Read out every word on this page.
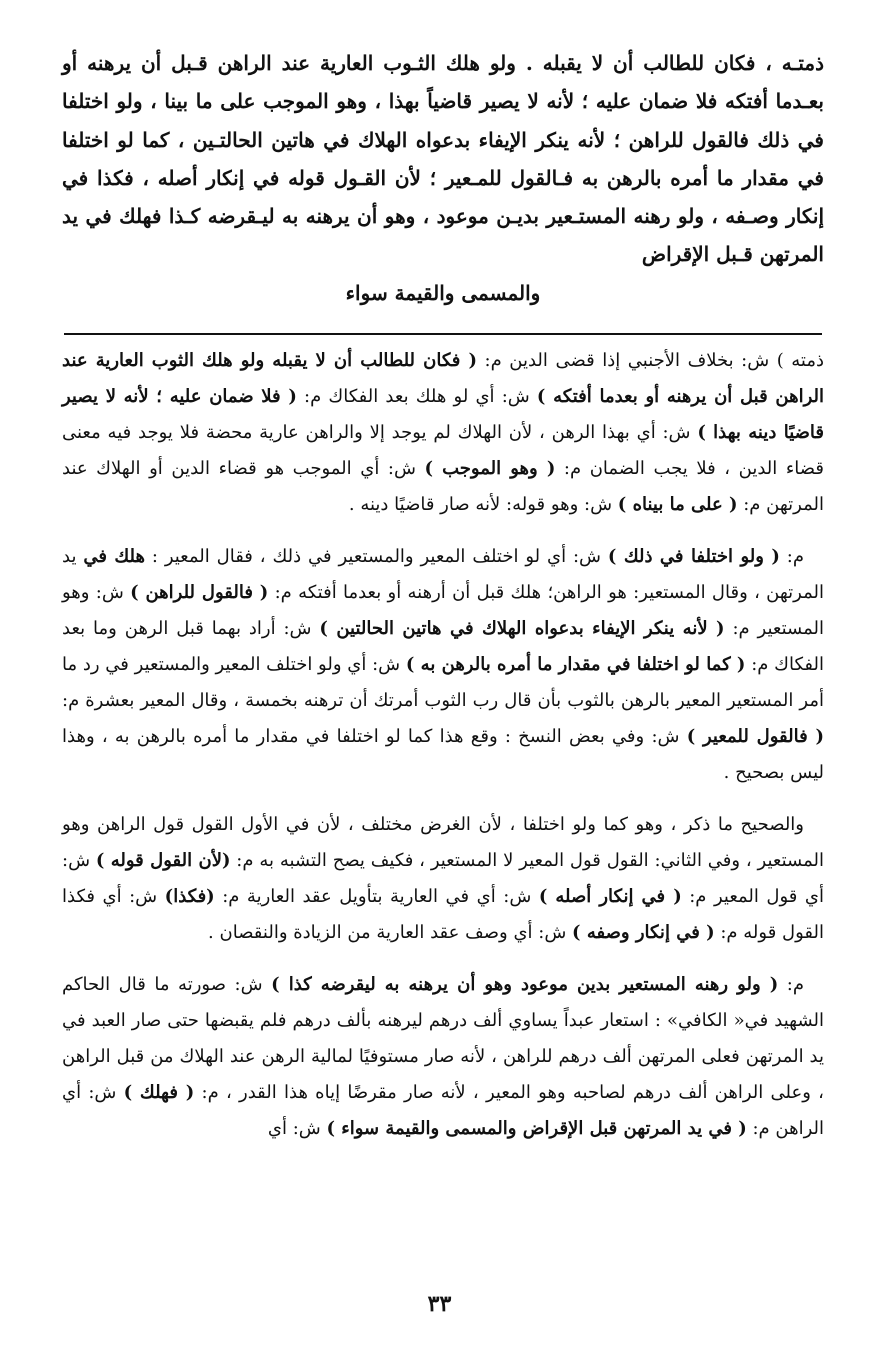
ذمتـه ، فكان للطالب أن لا يقبله . ولو هلك الثـوب العارية عند الراهن قـبل أن يرهنه أو بعـدما أفتكه فلا ضمان عليه ؛ لأنه لا يصير قاضياً بهذا ، وهو الموجب على ما بينا ، ولو اختلفا في ذلك فالقول للراهن ؛ لأنه ينكر الإيفاء بدعواه الهلاك في هاتين الحالتـين ، كما لو اختلفا في مقدار ما أمره بالرهن به فـالقول للمـعير ؛ لأن القـول قوله في إنكار أصله ، فكذا في إنكار وصـفه ، ولو رهنه المستـعير بديـن موعود ، وهو أن يرهنه به ليـقرضه كـذا فهلك في يد المرتهن قـبل الإقراض
والمسمى والقيمة سواء
ذمته ) ش: بخلاف الأجنبي إذا قضى الدين م: ( فكان للطالب أن لا يقبله ولو هلك الثوب العارية عند الراهن قبل أن يرهنه أو بعدما أفتكه ) ش: أي لو هلك بعد الفكاك م: ( فلا ضمان عليه ؛ لأنه لا يصير قاضيًا دينه بهذا ) ش: أي بهذا الرهن ، لأن الهلاك لم يوجد إلا والراهن عارية محضة فلا يوجد فيه معنى قضاء الدين ، فلا يجب الضمان م: ( وهو الموجب ) ش: أي الموجب هو قضاء الدين أو الهلاك عند المرتهن م: ( على ما بيناه ) ش: وهو قوله: لأنه صار قاضيًا دينه .
م: ( ولو اختلفا في ذلك ) ش: أي لو اختلف المعير والمستعير في ذلك ، فقال المعير : هلك في يد المرتهن ، وقال المستعير: هو الراهن؛ هلك قبل أن أرهنه أو بعدما أفتكه م: ( فالقول للراهن ) ش: وهو المستعير م: ( لأنه ينكر الإيفاء بدعواه الهلاك في هاتين الحالتين ) ش: أراد بهما قبل الرهن وما بعد الفكاك م: ( كما لو اختلفا في مقدار ما أمره بالرهن به ) ش: أي ولو اختلف المعير والمستعير في رد ما أمر المستعير المعير بالرهن بالثوب بأن قال رب الثوب أمرتك أن ترهنه بخمسة ، وقال المعير بعشرة م: ( فالقول للمعير ) ش: وفي بعض النسخ : وقع هذا كما لو اختلفا في مقدار ما أمره بالرهن به ، وهذا ليس بصحيح .
والصحيح ما ذكر ، وهو كما ولو اختلفا ، لأن الغرض مختلف ، لأن في الأول القول قول الراهن وهو المستعير ، وفي الثاني: القول قول المعير لا المستعير ، فكيف يصح التشبه به م: (لأن القول قوله ) ش: أي قول المعير م: ( في إنكار أصله ) ش: أي في العارية بتأويل عقد العارية م: (فكذا) ش: أي فكذا القول قوله م: ( في إنكار وصفه ) ش: أي وصف عقد العارية من الزيادة والنقصان .
م: ( ولو رهنه المستعير بدين موعود وهو أن يرهنه به ليقرضه كذا ) ش: صورته ما قال الحاكم الشهيد في« الكافي» : استعار عبداً يساوي ألف درهم ليرهنه بألف درهم فلم يقبضها حتى صار العبد في يد المرتهن فعلى المرتهن ألف درهم للراهن ، لأنه صار مستوفيًا لمالية الرهن عند الهلاك من قبل الراهن ، وعلى الراهن ألف درهم لصاحبه وهو المعير ، لأنه صار مقرضًا إياه هذا القدر ، م: ( فهلك ) ش: أي الراهن م: ( في يد المرتهن قبل الإقراض والمسمى والقيمة سواء ) ش: أي
٣٣
